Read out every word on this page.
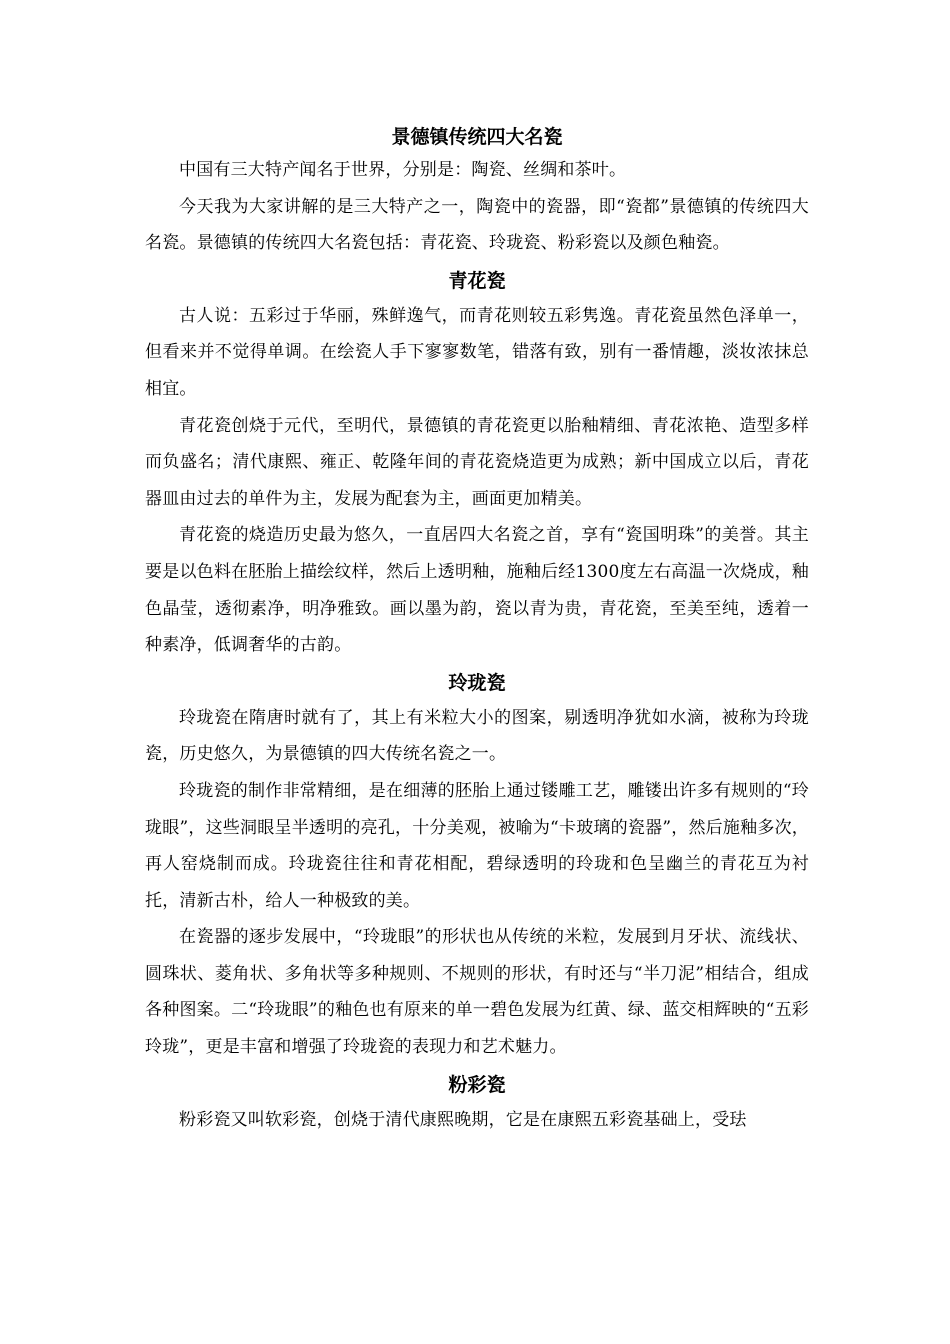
景德镇传统四大名瓷

中国有三大特产闻名于世界，分别是：陶瓷、丝绸和茶叶。

今天我为大家讲解的是三大特产之一，陶瓷中的瓷器，即“瓷都”景德镇的传统四大名瓷。景德镇的传统四大名瓷包括：青花瓷、玲珑瓷、粉彩瓷以及颜色釉瓷。

青花瓷

古人说：五彩过于华丽，殊鲜逸气，而青花则较五彩隽逸。青花瓷虽然色泽单一，但看来并不觉得单调。在绘瓷人手下寥寥数笔，错落有致，别有一番情趣，淡妆浓抹总相宜。

青花瓷创烧于元代，至明代，景德镇的青花瓷更以胎釉精细、青花浓艳、造型多样而负盛名；清代康熙、雍正、乾隆年间的青花瓷烧造更为成熟；新中国成立以后，青花器皿由过去的单件为主，发展为配套为主，画面更加精美。

青花瓷的烧造历史最为悠久，一直居四大名瓷之首，享有“瓷国明珠”的美誉。其主要是以色料在胚胎上描绘纹样，然后上透明釉，施釉后经1300度左右高温一次烧成，釉色晶莹，透彻素净，明净雅致。画以墨为韵，瓷以青为贵，青花瓷，至美至纯，透着一种素净，低调奢华的古韵。

玲珑瓷

玲珑瓷在隋唐时就有了，其上有米粒大小的图案，剔透明净犹如水滴，被称为玲珑瓷，历史悠久，为景德镇的四大传统名瓷之一。

玲珑瓷的制作非常精细，是在细薄的胚胎上通过镂雕工艺，雕镂出许多有规则的“玲珑眼”，这些洞眼呈半透明的亮孔，十分美观，被喻为“卡玻璃的瓷器”，然后施釉多次，再人窑烧制而成。玲珑瓷往往和青花相配，碧绿透明的玲珑和色呈幽兰的青花互为衬托，清新古朴，给人一种极致的美。

在瓷器的逐步发展中，“玲珑眼”的形状也从传统的米粒，发展到月牙状、流线状、圆珠状、菱角状、多角状等多种规则、不规则的形状，有时还与“半刀泥”相结合，组成各种图案。二“玲珑眼”的釉色也有原来的单一碧色发展为红黄、绿、蓝交相辉映的“五彩玲珑”，更是丰富和增强了玲珑瓷的表现力和艺术魅力。

粉彩瓷

粉彩瓷又叫软彩瓷，创烧于清代康熙晚期，它是在康熙五彩瓷基础上，受珐
